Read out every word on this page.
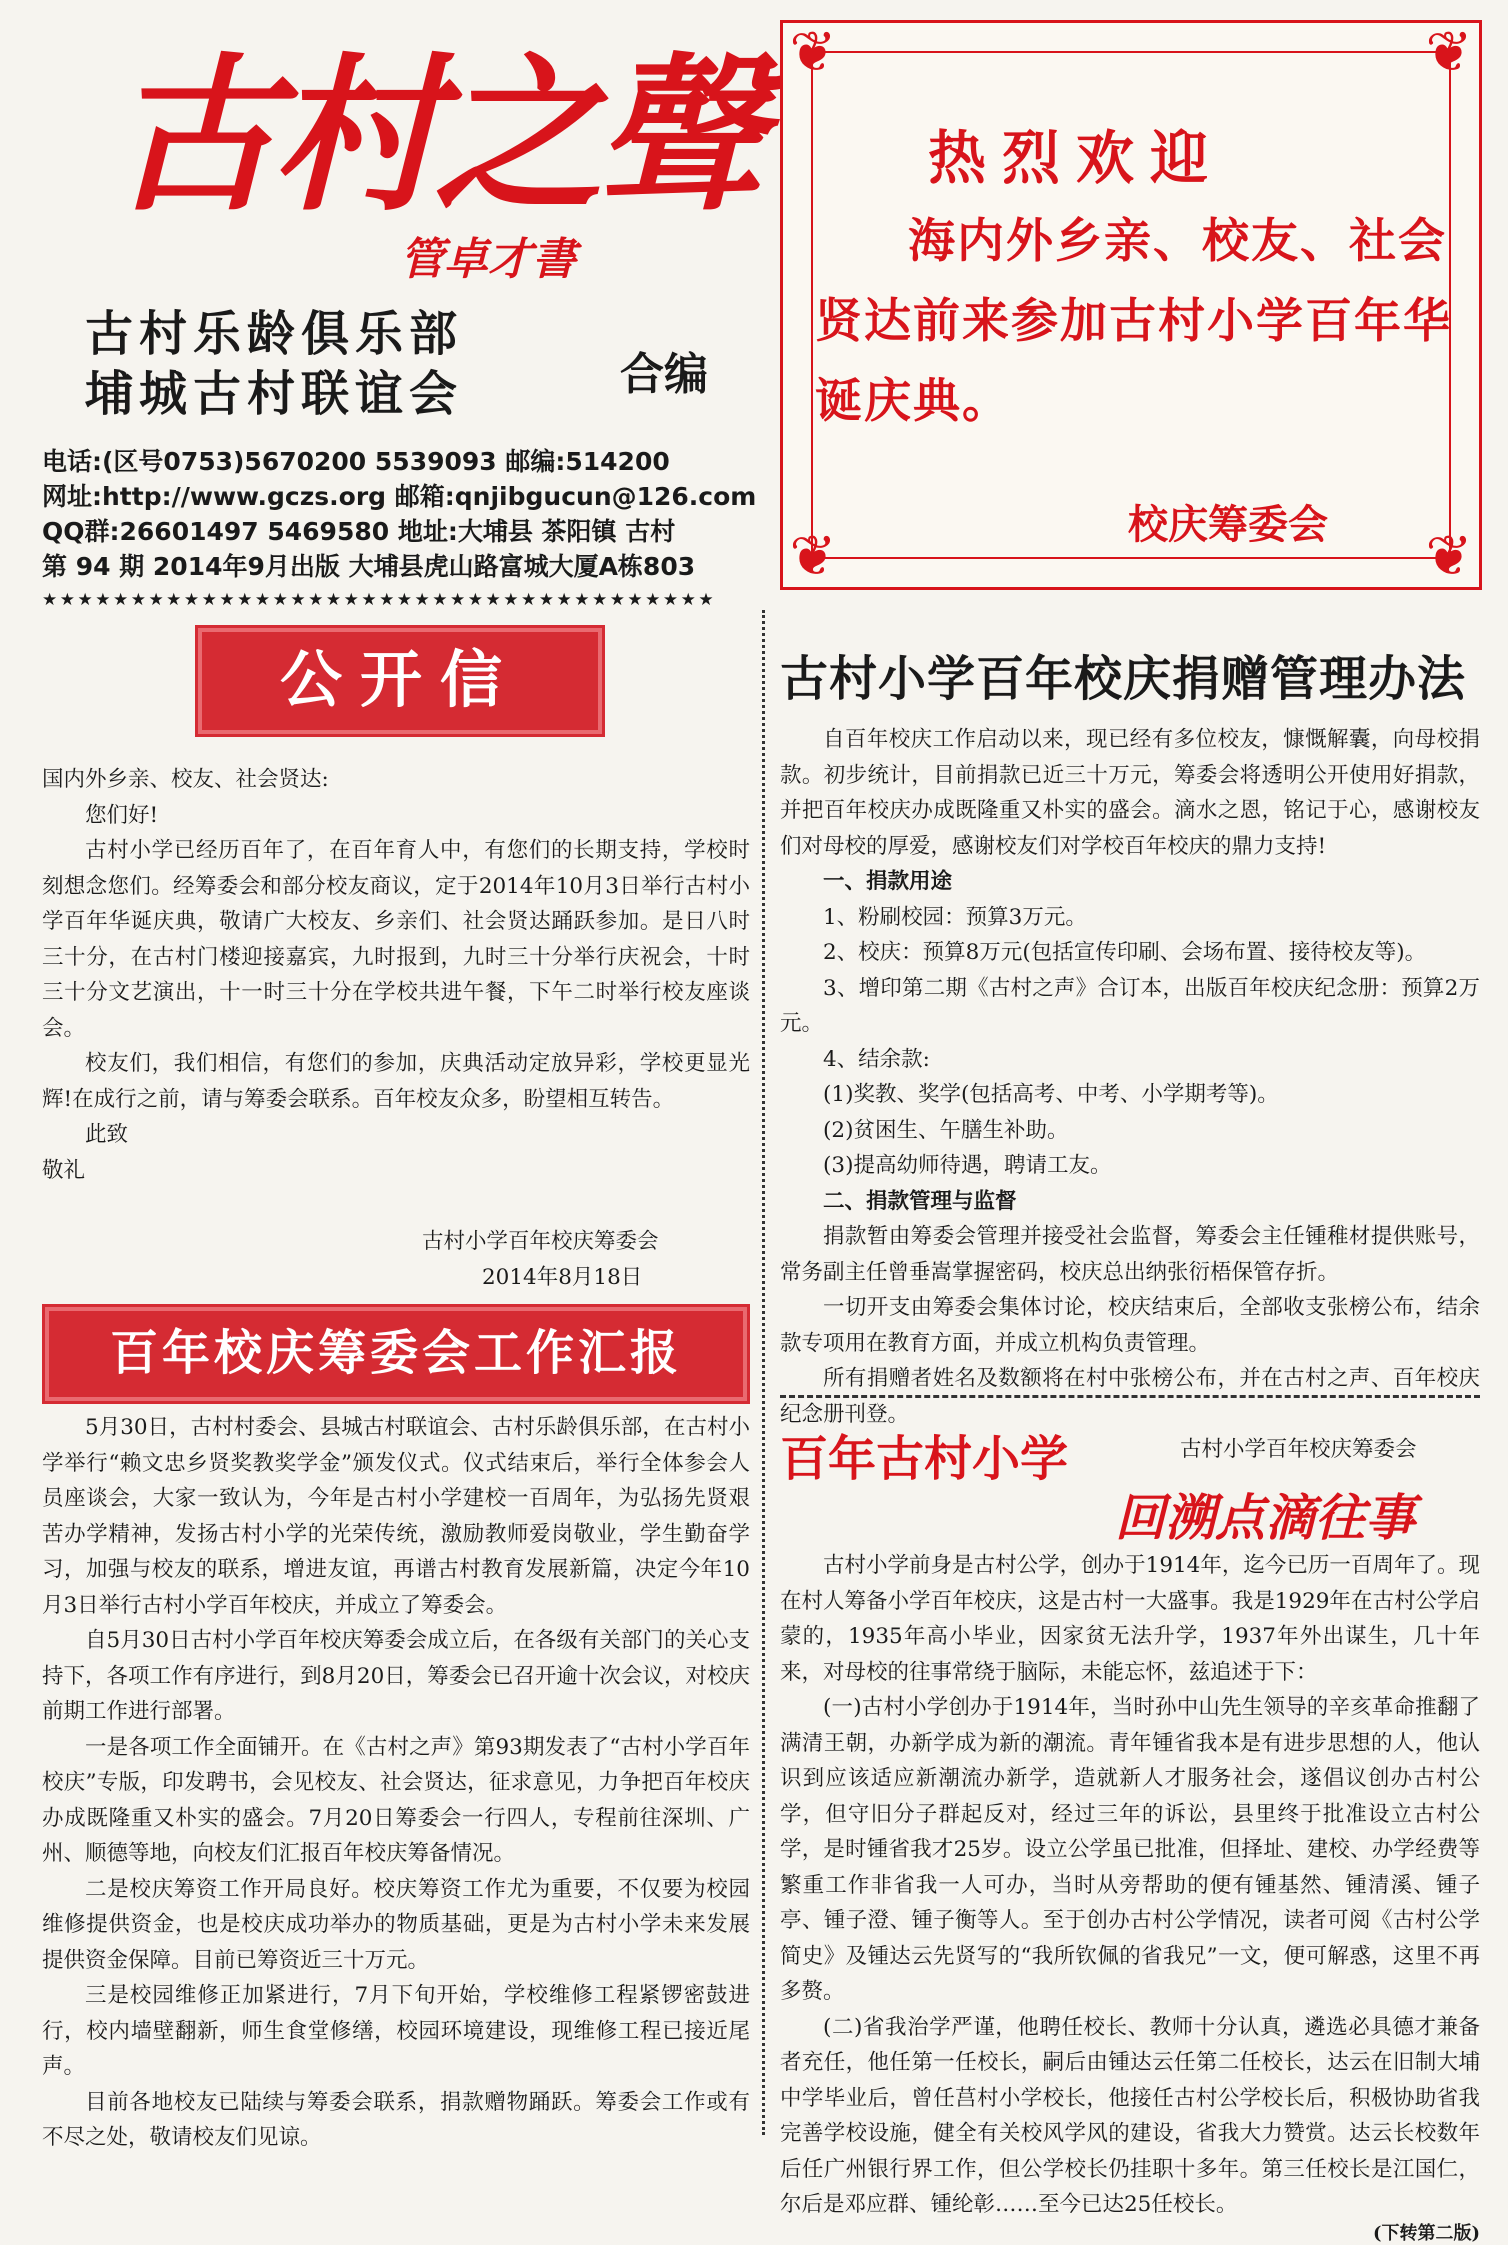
古村之聲
管卓才書
古村乐龄俱乐部
埔城古村联谊会	合编
电话:(区号0753)5670200 5539093 邮编:514200
网址:http://www.gczs.org 邮箱:qnjibgucun@126.com
QQ群:26601497 5469580 地址:大埔县 茶阳镇 古村
第 94 期 2014年9月出版 大埔县虎山路富城大厦A栋803
★★★★★★★★★★★★★★★★★★★★★★★★★★★★★★★★★★★★★★
❦	❦
❦	❦
热烈欢迎
海内外乡亲、校友、社会
贤达前来参加古村小学百年华
诞庆典。
校庆筹委会
公开信
国内外乡亲、校友、社会贤达:
您们好!
古村小学已经历百年了，在百年育人中，有您们的长期支持，学校时刻想念您们。经筹委会和部分校友商议，定于2014年10月3日举行古村小学百年华诞庆典，敬请广大校友、乡亲们、社会贤达踊跃参加。是日八时三十分，在古村门楼迎接嘉宾，九时报到，九时三十分举行庆祝会，十时三十分文艺演出，十一时三十分在学校共进午餐，下午二时举行校友座谈会。
校友们，我们相信，有您们的参加，庆典活动定放异彩，学校更显光辉!在成行之前，请与筹委会联系。百年校友众多，盼望相互转告。
此致
敬礼
古村小学百年校庆筹委会
2014年8月18日
百年校庆筹委会工作汇报
5月30日，古村村委会、县城古村联谊会、古村乐龄俱乐部，在古村小学举行“赖文忠乡贤奖教奖学金”颁发仪式。仪式结束后，举行全体参会人员座谈会，大家一致认为，今年是古村小学建校一百周年，为弘扬先贤艰苦办学精神，发扬古村小学的光荣传统，激励教师爱岗敬业，学生勤奋学习，加强与校友的联系，增进友谊，再谱古村教育发展新篇，决定今年10月3日举行古村小学百年校庆，并成立了筹委会。
自5月30日古村小学百年校庆筹委会成立后，在各级有关部门的关心支持下，各项工作有序进行，到8月20日，筹委会已召开逾十次会议，对校庆前期工作进行部署。
一是各项工作全面铺开。在《古村之声》第93期发表了“古村小学百年校庆”专版，印发聘书，会见校友、社会贤达，征求意见，力争把百年校庆办成既隆重又朴实的盛会。7月20日筹委会一行四人，专程前往深圳、广州、顺德等地，向校友们汇报百年校庆筹备情况。
二是校庆筹资工作开局良好。校庆筹资工作尤为重要，不仅要为校园维修提供资金，也是校庆成功举办的物质基础，更是为古村小学未来发展提供资金保障。目前已筹资近三十万元。
三是校园维修正加紧进行，7月下旬开始，学校维修工程紧锣密鼓进行，校内墙壁翻新，师生食堂修缮，校园环境建设，现维修工程已接近尾声。
目前各地校友已陆续与筹委会联系，捐款赠物踊跃。筹委会工作或有不尽之处，敬请校友们见谅。
古村小学百年校庆捐赠管理办法
自百年校庆工作启动以来，现已经有多位校友，慷慨解囊，向母校捐款。初步统计，目前捐款已近三十万元，筹委会将透明公开使用好捐款，并把百年校庆办成既隆重又朴实的盛会。滴水之恩，铭记于心，感谢校友们对母校的厚爱，感谢校友们对学校百年校庆的鼎力支持!
一、捐款用途
1、粉刷校园：预算3万元。
2、校庆：预算8万元(包括宣传印刷、会场布置、接待校友等)。
3、增印第二期《古村之声》合订本，出版百年校庆纪念册：预算2万元。
4、结余款:
(1)奖教、奖学(包括高考、中考、小学期考等)。
(2)贫困生、午膳生补助。
(3)提高幼师待遇，聘请工友。
二、捐款管理与监督
捐款暂由筹委会管理并接受社会监督，筹委会主任锺稚材提供账号，常务副主任曾垂嵩掌握密码，校庆总出纳张衍梧保管存折。
一切开支由筹委会集体讨论，校庆结束后，全部收支张榜公布，结余款专项用在教育方面，并成立机构负责管理。
所有捐赠者姓名及数额将在村中张榜公布，并在古村之声、百年校庆纪念册刊登。
古村小学百年校庆筹委会
百年古村小学
回溯点滴往事
古村小学前身是古村公学，创办于1914年，迄今已历一百周年了。现在村人筹备小学百年校庆，这是古村一大盛事。我是1929年在古村公学启蒙的，1935年高小毕业，因家贫无法升学，1937年外出谋生，几十年来，对母校的往事常绕于脑际，未能忘怀，兹追述于下：
(一)古村小学创办于1914年，当时孙中山先生领导的辛亥革命推翻了满清王朝，办新学成为新的潮流。青年锺省我本是有进步思想的人，他认识到应该适应新潮流办新学，造就新人才服务社会，遂倡议创办古村公学，但守旧分子群起反对，经过三年的诉讼，县里终于批准设立古村公学，是时锺省我才25岁。设立公学虽已批准，但择址、建校、办学经费等繁重工作非省我一人可办，当时从旁帮助的便有锺基然、锺清溪、锺子亭、锺子澄、锺子衡等人。至于创办古村公学情况，读者可阅《古村公学简史》及锺达云先贤写的“我所钦佩的省我兄”一文，便可解惑，这里不再多赘。
(二)省我治学严谨，他聘任校长、教师十分认真，遴选必具德才兼备者充任，他任第一任校长，嗣后由锺达云任第二任校长，达云在旧制大埔中学毕业后，曾任莒村小学校长，他接任古村公学校长后，积极协助省我完善学校设施，健全有关校风学风的建设，省我大力赞赏。达云长校数年后任广州银行界工作，但公学校长仍挂职十多年。第三任校长是江国仁，尔后是邓应群、锺纶彰……至今已达25任校长。
(下转第二版)
